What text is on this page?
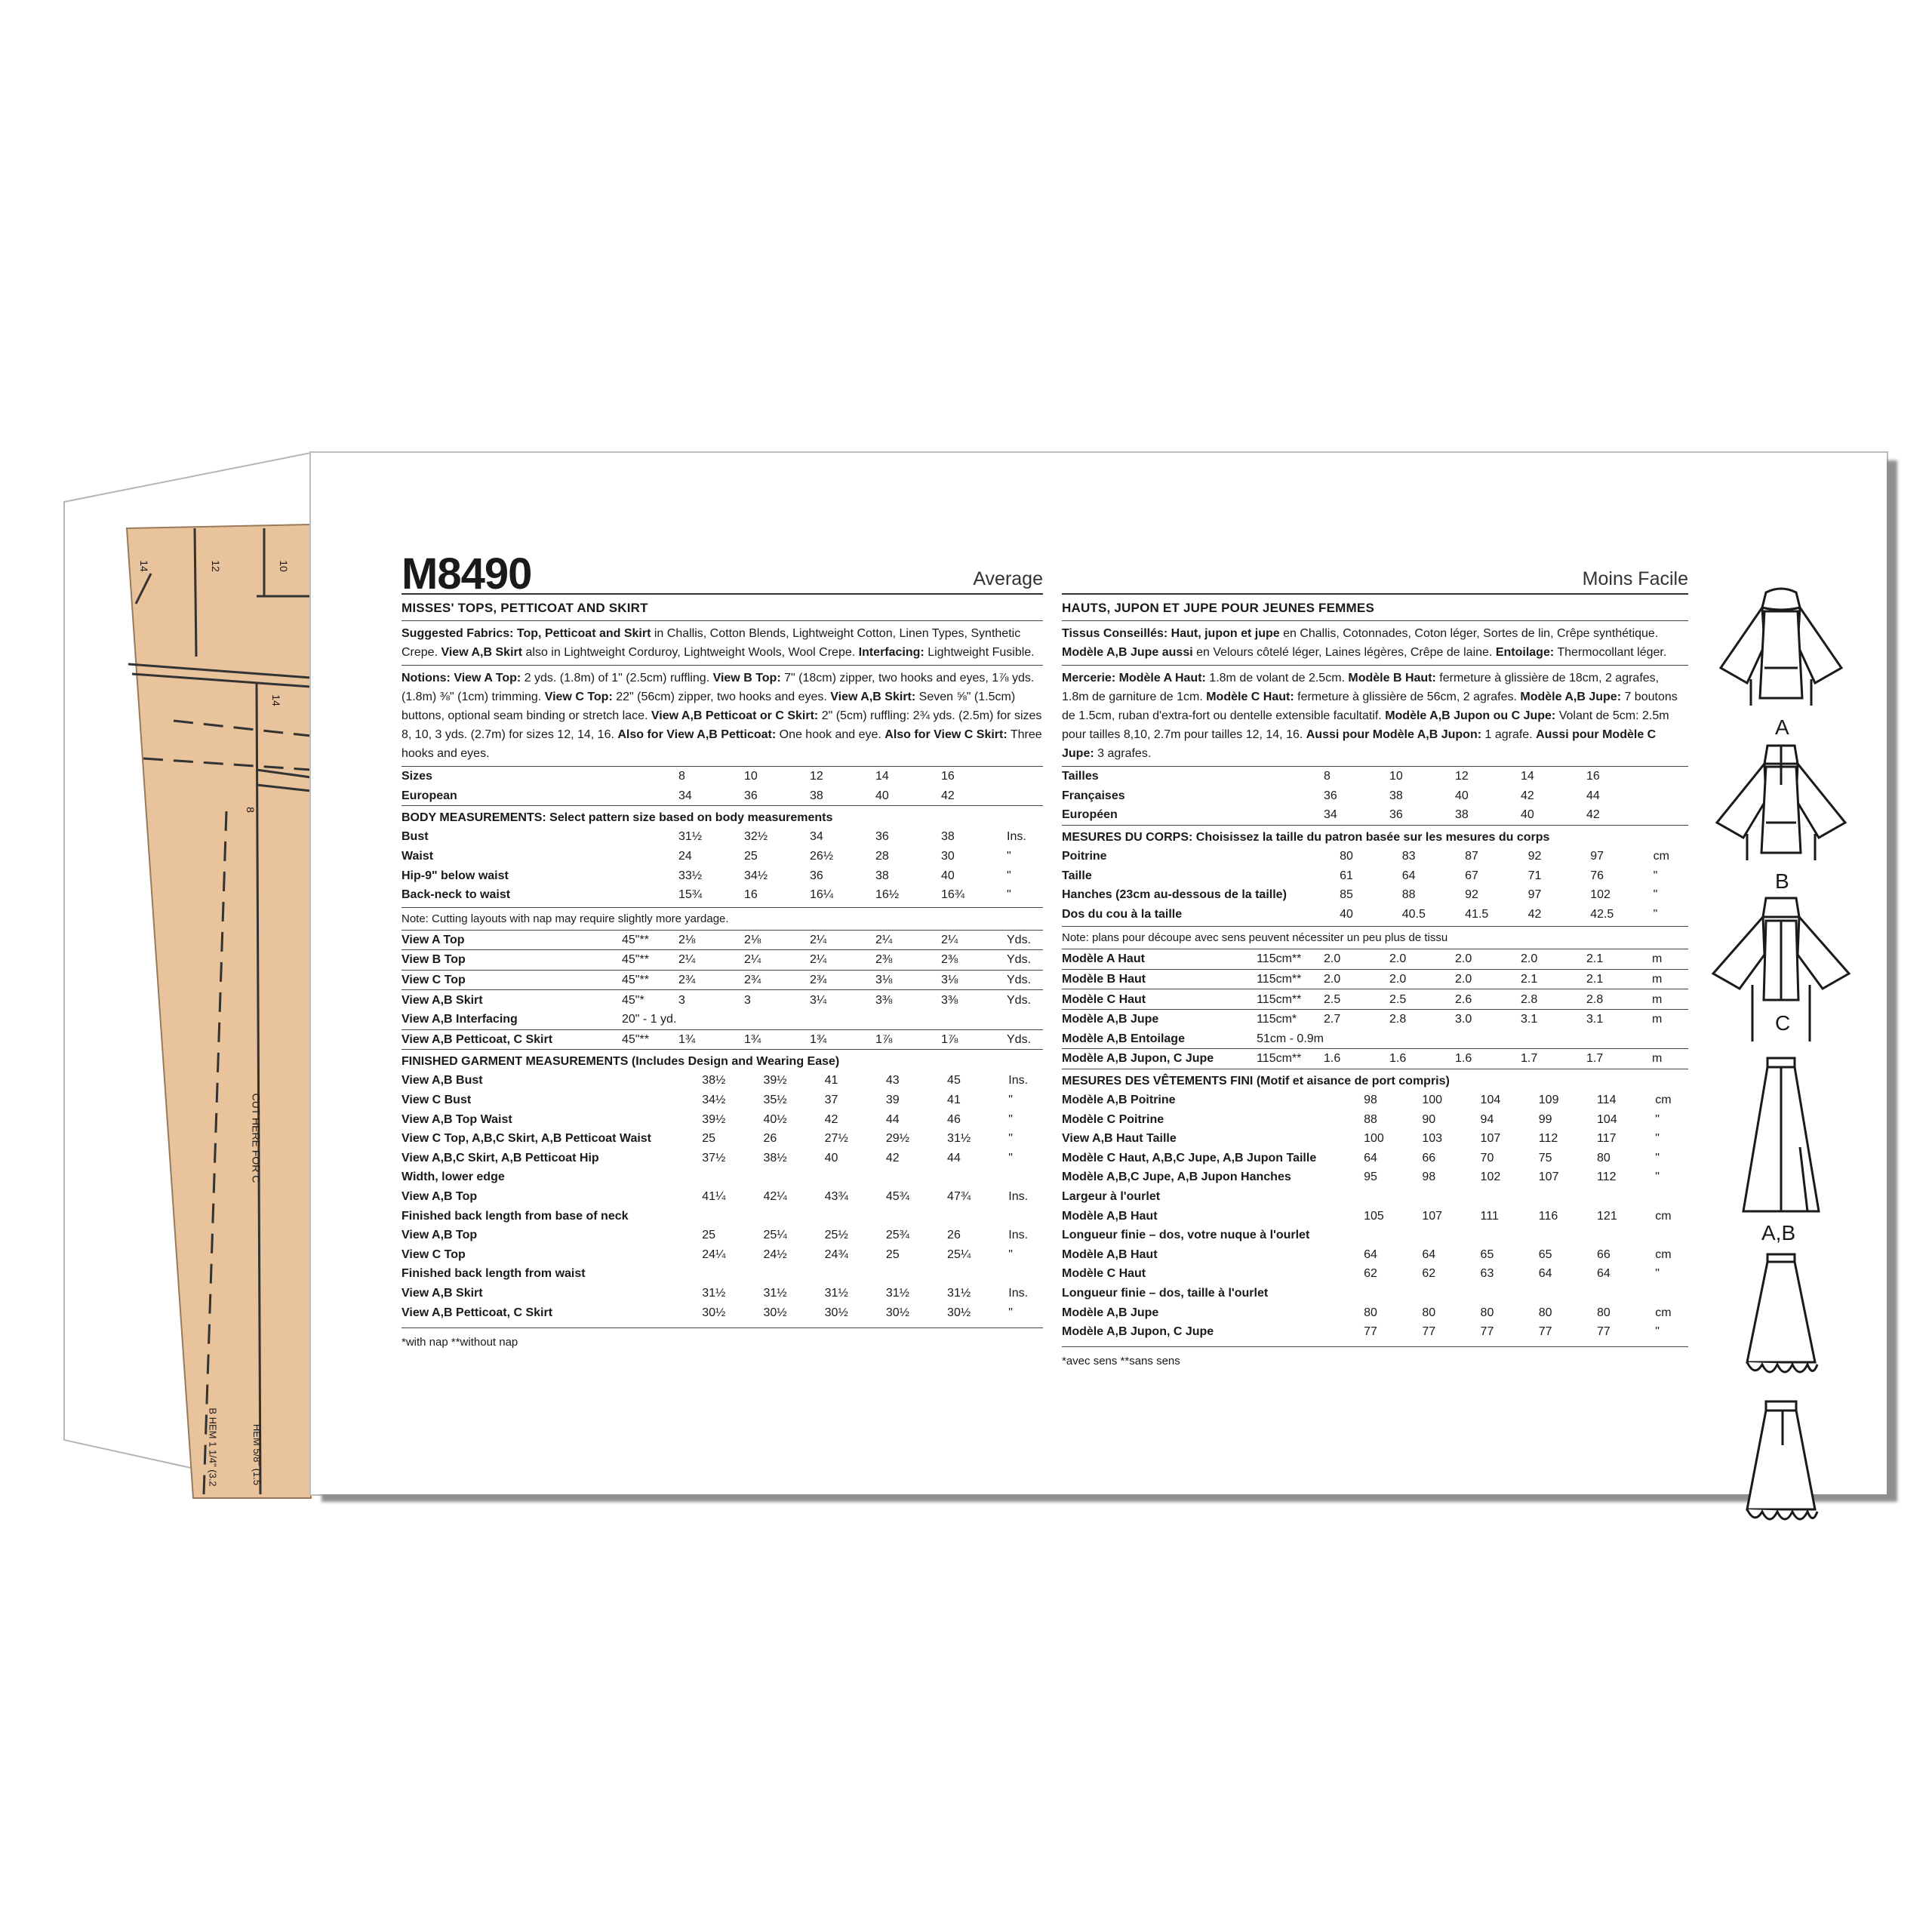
14	12	10
14
8
CUT HERE FOR C
B HEM 1 1/4" (3.2	HEM 5/8" (1.5
M8490	Average
MISSES' TOPS, PETTICOAT AND SKIRT
Suggested Fabrics: Top, Petticoat and Skirt in Challis, Cotton Blends, Lightweight Cotton, Linen Types, Synthetic Crepe. View A,B Skirt also in Lightweight Corduroy, Lightweight Wools, Wool Crepe. Interfacing: Lightweight Fusible.
Notions: View A Top: 2 yds. (1.8m) of 1" (2.5cm) ruffling. View B Top: 7" (18cm) zipper, two hooks and eyes, 1⅞ yds. (1.8m) ⅜" (1cm) trimming. View C Top: 22" (56cm) zipper, two hooks and eyes. View A,B Skirt: Seven ⅝" (1.5cm) buttons, optional seam binding or stretch lace. View A,B Petticoat or C Skirt: 2" (5cm) ruffling: 2¾ yds. (2.5m) for sizes 8, 10, 3 yds. (2.7m) for sizes 12, 14, 16. Also for View A,B Petticoat: One hook and eye. Also for View C Skirt: Three hooks and eyes.
Sizes		8	10	12	14	16	
European		34	36	38	40	42	
BODY MEASUREMENTS: Select pattern size based on body measurements
Bust		31½	32½	34	36	38	Ins.
Waist		24	25	26½	28	30	"
Hip-9" below waist		33½	34½	36	38	40	"
Back-neck to waist		15¾	16	16¼	16½	16¾	"
Note: Cutting layouts with nap may require slightly more yardage.
View A Top	45"**	2⅛	2⅛	2¼	2¼	2¼	Yds.
View B Top	45"**	2¼	2¼	2¼	2⅜	2⅜	Yds.
View C Top	45"**	2¾	2¾	2¾	3⅛	3⅛	Yds.
View A,B Skirt	45"*	3	3	3¼	3⅜	3⅜	Yds.
View A,B Interfacing	20" - 1 yd.						
View A,B Petticoat, C Skirt	45"**	1¾	1¾	1¾	1⅞	1⅞	Yds.
FINISHED GARMENT MEASUREMENTS (Includes Design and Wearing Ease)
View A,B Bust		38½	39½	41	43	45	Ins.
View C Bust		34½	35½	37	39	41	"
View A,B Top Waist		39½	40½	42	44	46	"
View C Top, A,B,C Skirt, A,B Petticoat Waist		25	26	27½	29½	31½	"
View A,B,C Skirt, A,B Petticoat Hip		37½	38½	40	42	44	"
Width, lower edge							
View A,B Top		41¼	42¼	43¾	45¾	47¾	Ins.
Finished back length from base of neck							
View A,B Top		25	25¼	25½	25¾	26	Ins.
View C Top		24¼	24½	24¾	25	25¼	"
Finished back length from waist							
View A,B Skirt		31½	31½	31½	31½	31½	Ins.
View A,B Petticoat, C Skirt		30½	30½	30½	30½	30½	"
*with nap **without nap
Moins Facile
HAUTS, JUPON ET JUPE POUR JEUNES FEMMES
Tissus Conseillés: Haut, jupon et jupe en Challis, Cotonnades, Coton léger, Sortes de lin, Crêpe synthétique. Modèle A,B Jupe aussi en Velours côtelé léger, Laines légères, Crêpe de laine. Entoilage: Thermocollant léger.
Mercerie: Modèle A Haut: 1.8m de volant de 2.5cm. Modèle B Haut: fermeture à glissière de 18cm, 2 agrafes, 1.8m de garniture de 1cm. Modèle C Haut: fermeture à glissière de 56cm, 2 agrafes. Modèle A,B Jupe: 7 boutons de 1.5cm, ruban d'extra-fort ou dentelle extensible facultatif. Modèle A,B Jupon ou C Jupe: Volant de 5cm: 2.5m pour tailles 8,10, 2.7m pour tailles 12, 14, 16. Aussi pour Modèle A,B Jupon: 1 agrafe. Aussi pour Modèle C Jupe: 3 agrafes.
Tailles		8	10	12	14	16	
Françaises		36	38	40	42	44	
Européen		34	36	38	40	42	
MESURES DU CORPS: Choisissez la taille du patron basée sur les mesures du corps
Poitrine		80	83	87	92	97	cm
Taille		61	64	67	71	76	"
Hanches (23cm au-dessous de la taille)		85	88	92	97	102	"
Dos du cou à la taille		40	40.5	41.5	42	42.5	"
Note: plans pour découpe avec sens peuvent nécessiter un peu plus de tissu
Modèle A Haut	115cm**	2.0	2.0	2.0	2.0	2.1	m
Modèle B Haut	115cm**	2.0	2.0	2.0	2.1	2.1	m
Modèle C Haut	115cm**	2.5	2.5	2.6	2.8	2.8	m
Modèle A,B Jupe	115cm*	2.7	2.8	3.0	3.1	3.1	m
Modèle A,B Entoilage	51cm - 0.9m						
Modèle A,B Jupon, C Jupe	115cm**	1.6	1.6	1.6	1.7	1.7	m
MESURES DES VÊTEMENTS FINI (Motif et aisance de port compris)
Modèle A,B Poitrine		98	100	104	109	114	cm
Modèle C Poitrine		88	90	94	99	104	"
View A,B Haut Taille		100	103	107	112	117	"
Modèle C Haut, A,B,C Jupe, A,B Jupon Taille		64	66	70	75	80	"
Modèle A,B,C Jupe, A,B Jupon Hanches		95	98	102	107	112	"
Largeur à l'ourlet							
Modèle A,B Haut		105	107	111	116	121	cm
Longueur finie – dos, votre nuque à l'ourlet							
Modèle A,B Haut		64	64	65	65	66	cm
Modèle C Haut		62	62	63	64	64	"
Longueur finie – dos, taille à l'ourlet							
Modèle A,B Jupe		80	80	80	80	80	cm
Modèle A,B Jupon, C Jupe		77	77	77	77	77	"
*avec sens **sans sens
A
B
C
A,B
